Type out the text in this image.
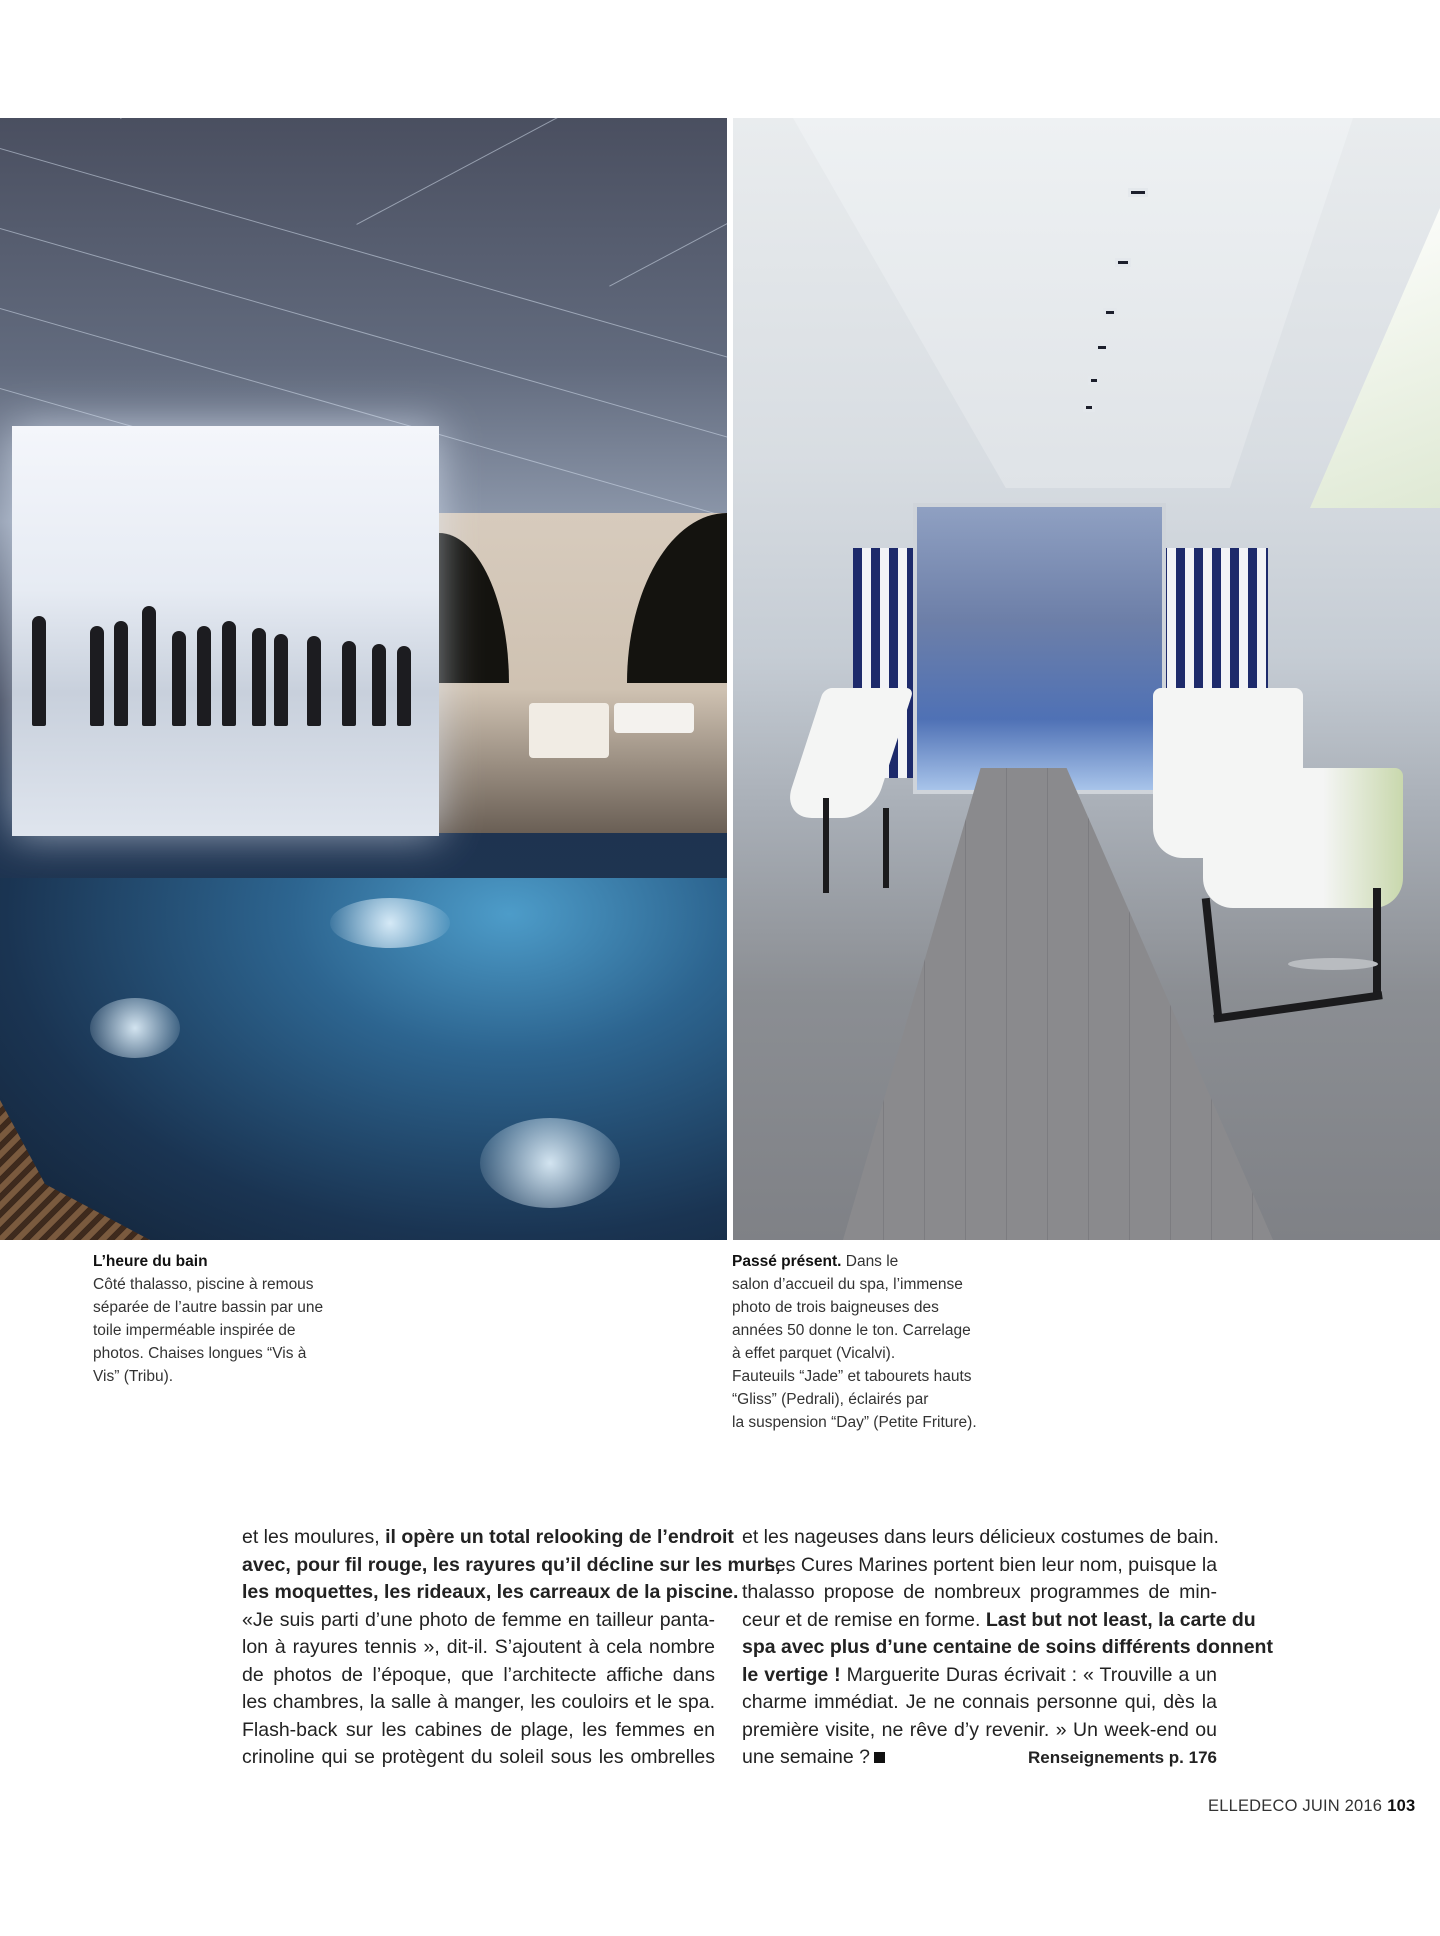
L’heure du bain
Côté thalasso, piscine à remous
séparée de l’autre bassin par une
toile imperméable inspirée de
photos. Chaises longues “Vis à
Vis” (Tribu).
Passé présent. Dans le
salon d’accueil du spa, l’immense
photo de trois baigneuses des
années 50 donne le ton. Carrelage
à effet parquet (Vicalvi).
Fauteuils “Jade” et tabourets hauts
“Gliss” (Pedrali), éclairés par
la suspension “Day” (Petite Friture).
et les moulures, il opère un total relooking de l’endroit
avec, pour fil rouge, les rayures qu’il décline sur les murs,
les moquettes, les rideaux, les carreaux de la piscine.
«Je suis parti d’une photo de femme en tailleur panta-
lon à rayures tennis », dit-il. S’ajoutent à cela nombre
de photos de l’époque, que l’architecte affiche dans
les chambres, la salle à manger, les couloirs et le spa.
Flash-back sur les cabines de plage, les femmes en
crinoline qui se protègent du soleil sous les ombrelles
et les nageuses dans leurs délicieux costumes de bain.
Les Cures Marines portent bien leur nom, puisque la
thalasso propose de nombreux programmes de min-
ceur et de remise en forme. Last but not least, la carte du
spa avec plus d’une centaine de soins différents donnent
le vertige ! Marguerite Duras écrivait : « Trouville a un
charme immédiat. Je ne connais personne qui, dès la
première visite, ne rêve d’y revenir. » Un week-end ou
une semaine ?	Renseignements p. 176
ELLEDECO JUIN 2016 103
